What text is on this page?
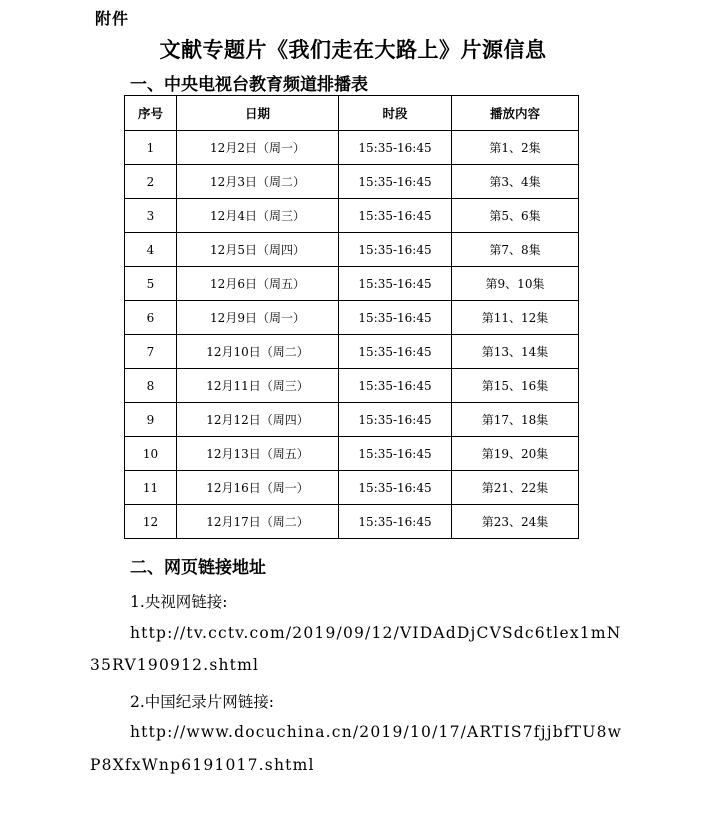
附件
文献专题片《我们走在大路上》片源信息
一、中央电视台教育频道排播表
序号	日期	时段	播放内容
1	12月2日（周一）	15:35-16:45	第1、2集
2	12月3日（周二）	15:35-16:45	第3、4集
3	12月4日（周三）	15:35-16:45	第5、6集
4	12月5日（周四）	15:35-16:45	第7、8集
5	12月6日（周五）	15:35-16:45	第9、10集
6	12月9日（周一）	15:35-16:45	第11、12集
7	12月10日（周二）	15:35-16:45	第13、14集
8	12月11日（周三）	15:35-16:45	第15、16集
9	12月12日（周四）	15:35-16:45	第17、18集
10	12月13日（周五）	15:35-16:45	第19、20集
11	12月16日（周一）	15:35-16:45	第21、22集
12	12月17日（周二）	15:35-16:45	第23、24集
二、网页链接地址
1.央视网链接:
http://tv.cctv.com/2019/09/12/VIDAdDjCVSdc6tlex1mN
35RV190912.shtml
2.中国纪录片网链接:
http://www.docuchina.cn/2019/10/17/ARTIS7fjjbfTU8w
P8XfxWnp6191017.shtml
